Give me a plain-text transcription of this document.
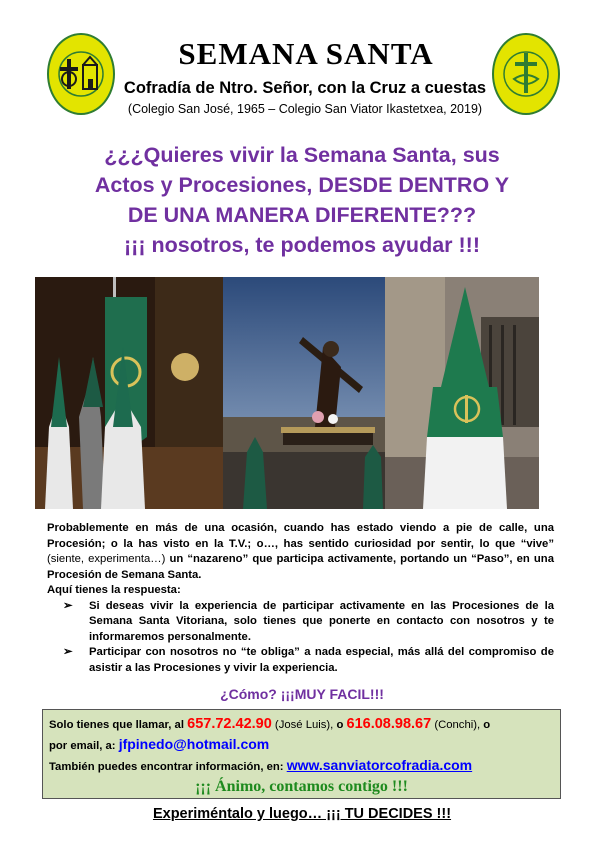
SEMANA SANTA
Cofradía de Ntro. Señor, con la Cruz a cuestas
(Colegio San José, 1965 – Colegio San Viator Ikastetxea, 2019)
¿¿¿Quieres vivir la Semana Santa, sus
Actos y Procesiones, DESDE DENTRO Y
DE UNA MANERA DIFERENTE???
¡¡¡ nosotros, te podemos ayudar !!!

Probablemente en más de una ocasión, cuando has estado viendo a pie de calle, una Procesión; o la has visto en la T.V.; o…, has sentido curiosidad por sentir, lo que “vive” (siente, experimenta…) un “nazareno” que participa activamente, portando un “Paso”, en una Procesión de Semana Santa.

Aquí tienes la respuesta:

➢ Si deseas vivir la experiencia de participar activamente en las Procesiones de la Semana Santa Vitoriana, solo tienes que ponerte en contacto con nosotros y te informaremos personalmente.
➢ Participar con nosotros no “te obliga” a nada especial, más allá del compromiso de asistir a las Procesiones y vivir la experiencia.
¿Cómo? ¡¡¡MUY FACIL!!!
Solo tienes que llamar, al 657.72.42.90 (José Luis), o 616.08.98.67 (Conchi), o
por email, a: jfpinedo@hotmail.com
También puedes encontrar información, en: www.sanviatorcofradia.com
¡¡¡ Ánimo, contamos contigo !!!
Experiméntalo y luego… ¡¡¡ TU DECIDES !!!
